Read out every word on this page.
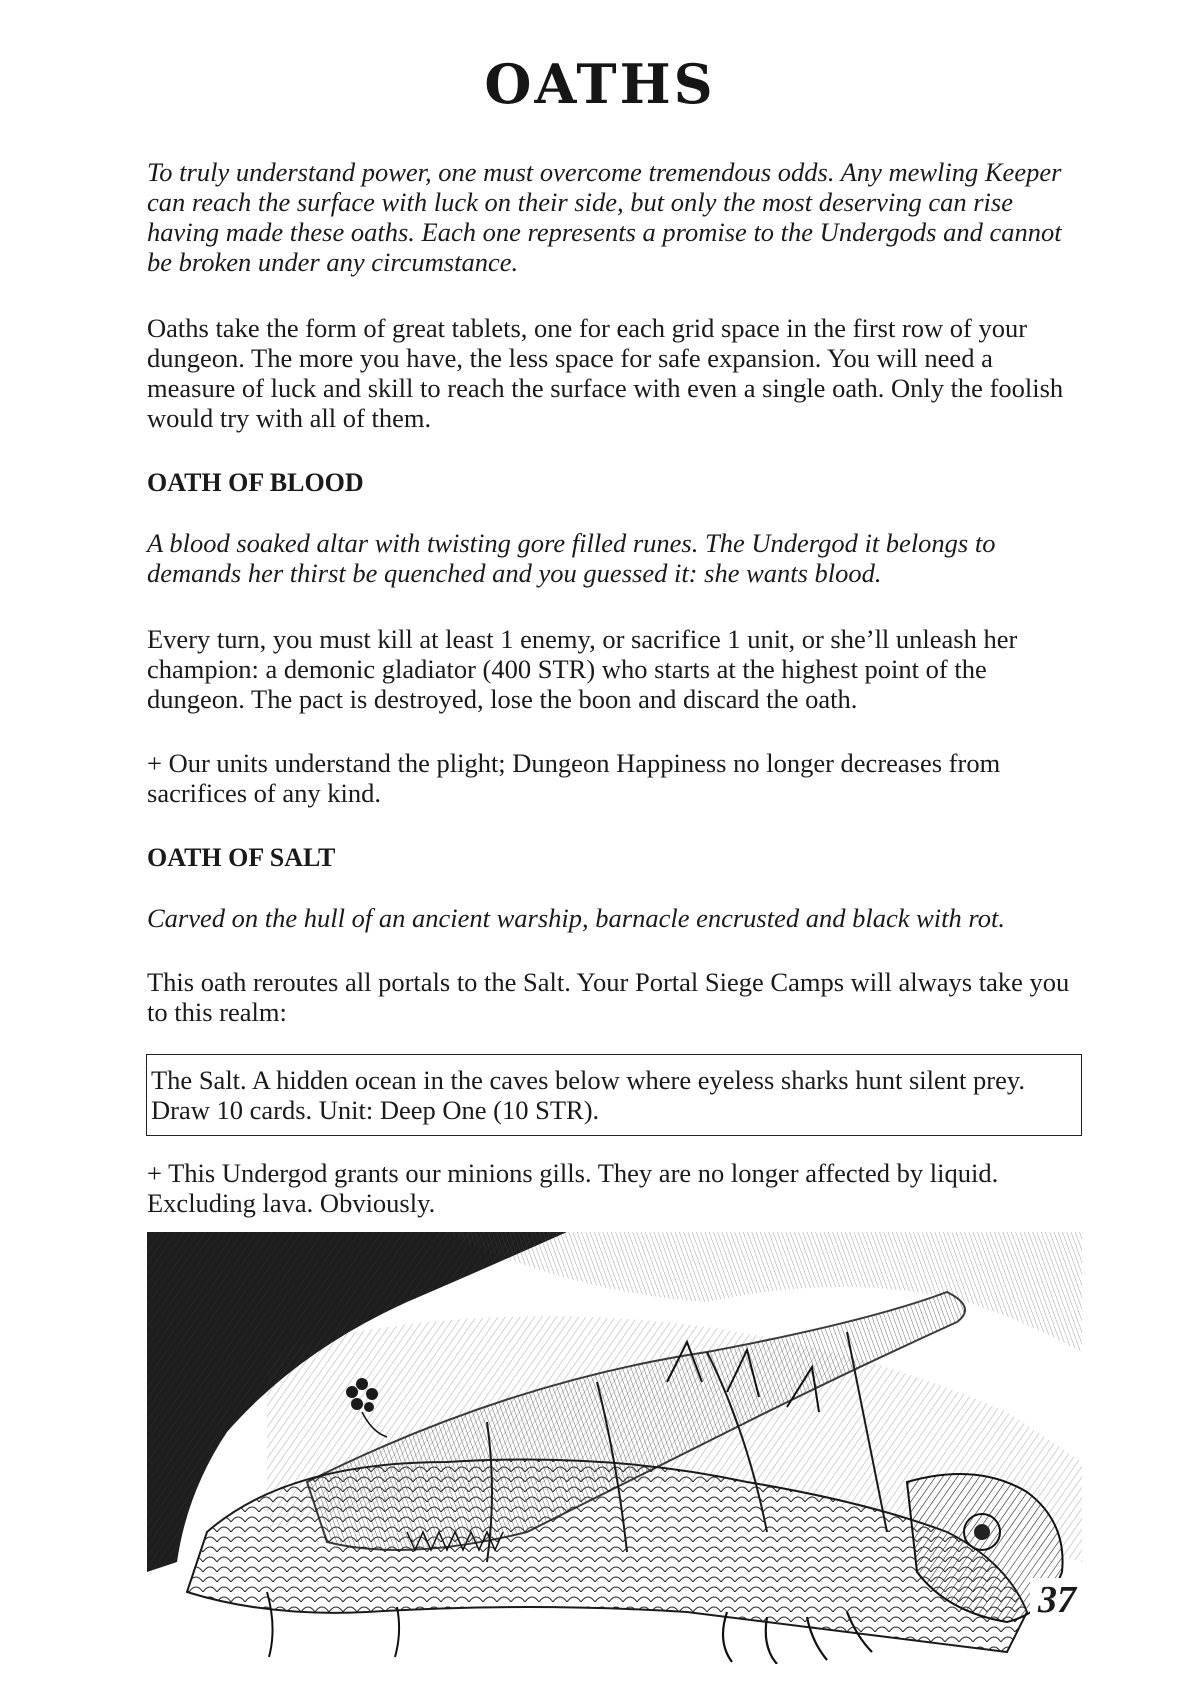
OATHS

To truly understand power, one must overcome tremendous odds. Any mewling Keeper can reach the surface with luck on their side, but only the most deserving can rise having made these oaths. Each one represents a promise to the Undergods and cannot be broken under any circumstance.

Oaths take the form of great tablets, one for each grid space in the first row of your dungeon. The more you have, the less space for safe expansion. You will need a measure of luck and skill to reach the surface with even a single oath. Only the foolish would try with all of them.

OATH OF BLOOD

A blood soaked altar with twisting gore filled runes. The Undergod it belongs to demands her thirst be quenched and you guessed it: she wants blood.

Every turn, you must kill at least 1 enemy, or sacrifice 1 unit, or she’ll unleash her champion: a demonic gladiator (400 STR) who starts at the highest point of the dungeon. The pact is destroyed, lose the boon and discard the oath.

+ Our units understand the plight; Dungeon Happiness no longer decreases from sacrifices of any kind.

OATH OF SALT

Carved on the hull of an ancient warship, barnacle encrusted and black with rot.

This oath reroutes all portals to the Salt. Your Portal Siege Camps will always take you to this realm:

The Salt. A hidden ocean in the caves below where eyeless sharks hunt silent prey. Draw 10 cards. Unit: Deep One (10 STR).

+ This Undergod grants our minions gills. They are no longer affected by liquid. Excluding lava. Obviously.

37
